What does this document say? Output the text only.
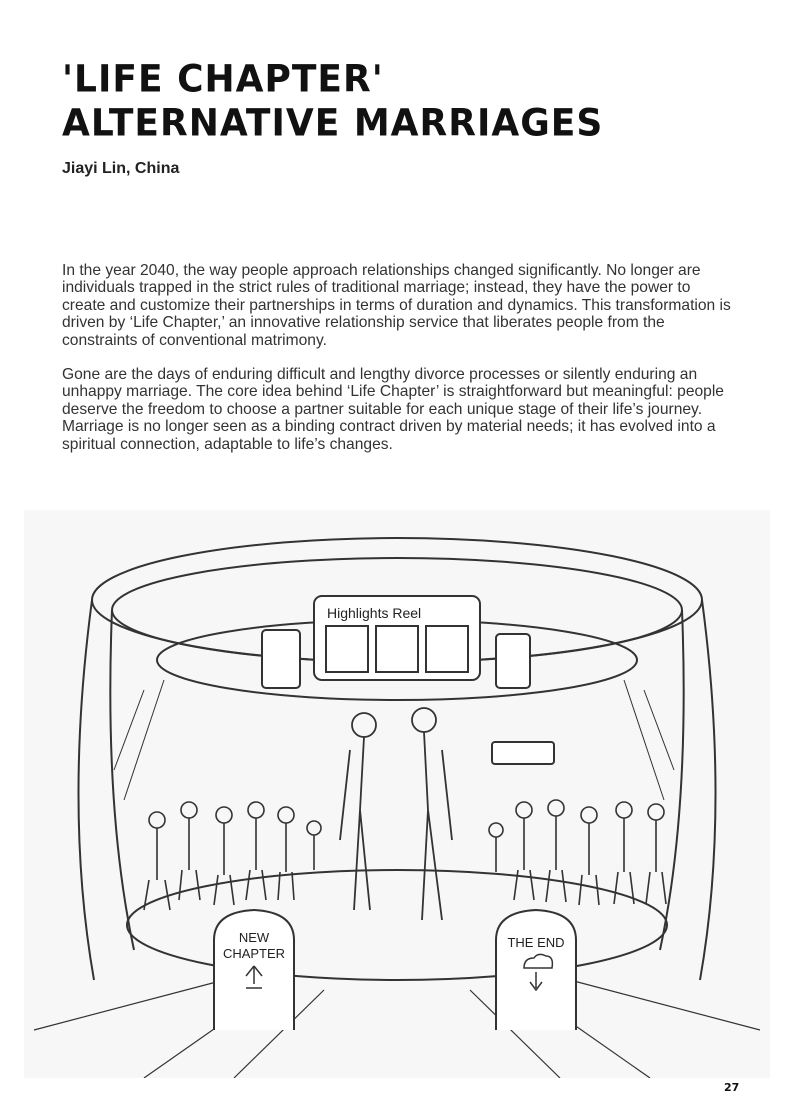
'LIFE CHAPTER'
ALTERNATIVE MARRIAGES
Jiayi Lin, China

In the year 2040, the way people approach relationships changed significantly. No longer are individuals trapped in the strict rules of traditional marriage; instead, they have the power to create and customize their partnerships in terms of duration and dynamics. This transformation is driven by ‘Life Chapter,’ an innovative relationship service that liberates people from the constraints of conventional matrimony.

Gone are the days of enduring difficult and lengthy divorce processes or silently enduring an unhappy marriage. The core idea behind ‘Life Chapter’ is straightforward but meaningful: people deserve the freedom to choose a partner suitable for each unique stage of their life’s journey. Marriage is no longer seen as a binding contract driven by material needs; it has evolved into a spiritual connection, adaptable to life’s changes.

Highlights Reel
NEW
CHAPTER
THE END
27
